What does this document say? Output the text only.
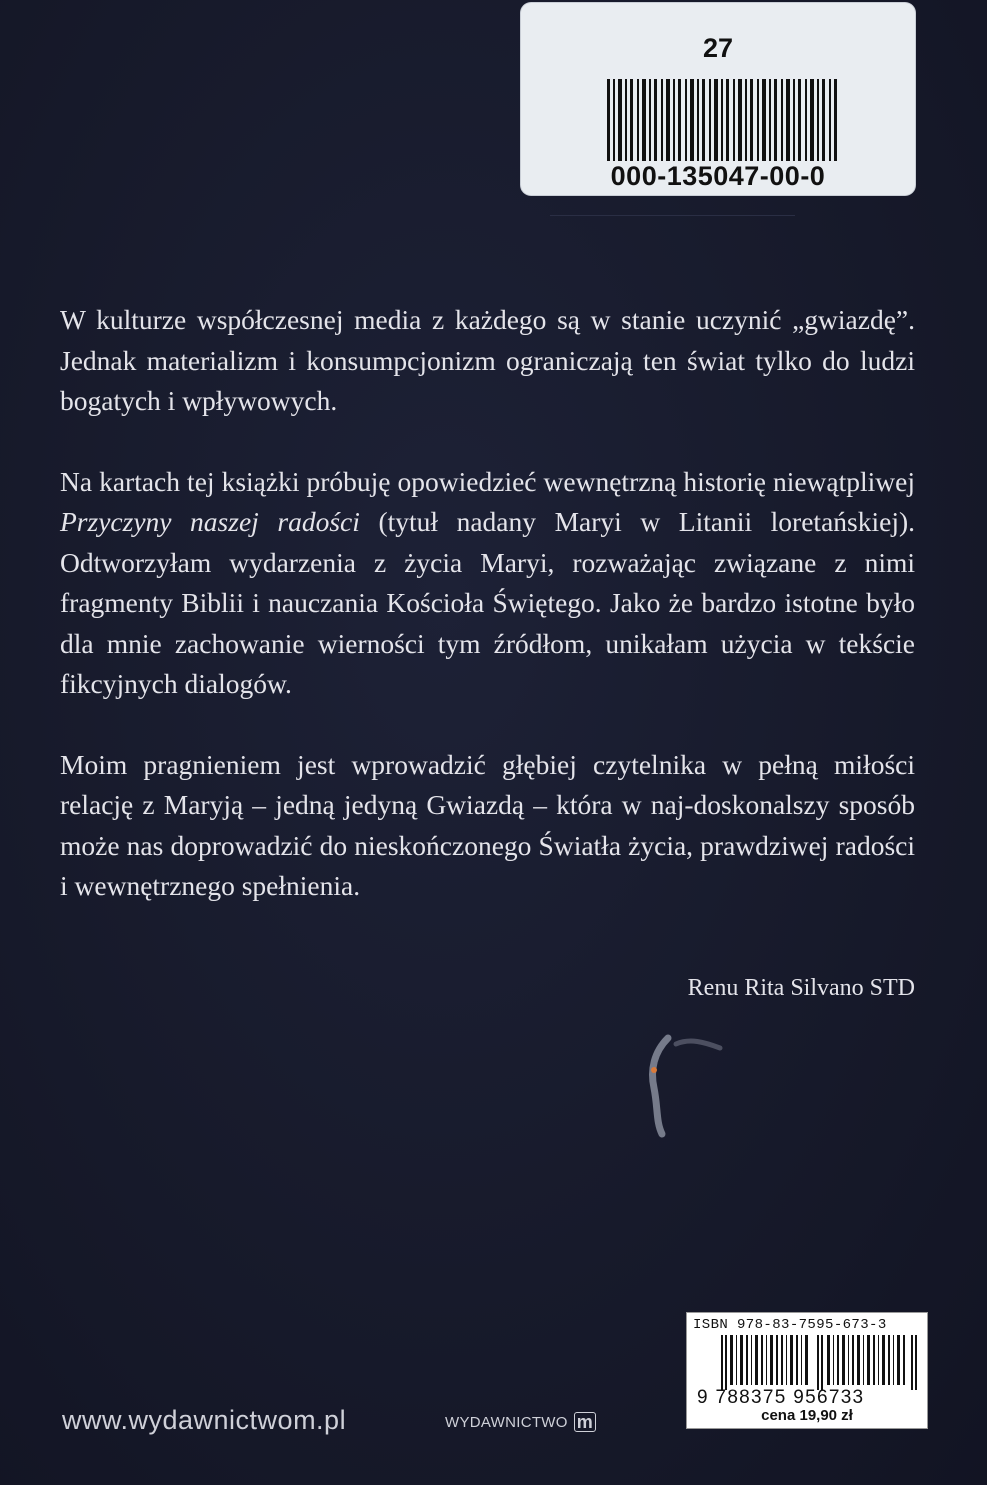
27
000-135047-00-0

W kulturze współczesnej media z każdego są w stanie uczynić „gwiazdę”. Jednak materializm i konsumpcjonizm ograniczają ten świat tylko do ludzi bogatych i wpływowych.

Na kartach tej książki próbuję opowiedzieć wewnętrzną historię niewątpliwej Przyczyny naszej radości (tytuł nadany Maryi w Litanii loretańskiej). Odtworzyłam wydarzenia z życia Maryi, rozważając związane z nimi fragmenty Biblii i nauczania Kościoła Świętego. Jako że bardzo istotne było dla mnie zachowanie wierności tym źródłom, unikałam użycia w tekście fikcyjnych dialogów.

Moim pragnieniem jest wprowadzić głębiej czytelnika w pełną miłości relację z Maryją – jedną jedyną Gwiazdą – która w naj-doskonalszy sposób może nas doprowadzić do nieskończonego Światła życia, prawdziwej radości i wewnętrznego spełnienia.

Renu Rita Silvano STD
ISBN 978-83-7595-673-3
9 788375 956733
cena 19,90 zł
www.wydawnictwom.pl	WYDAWNICTWO m
